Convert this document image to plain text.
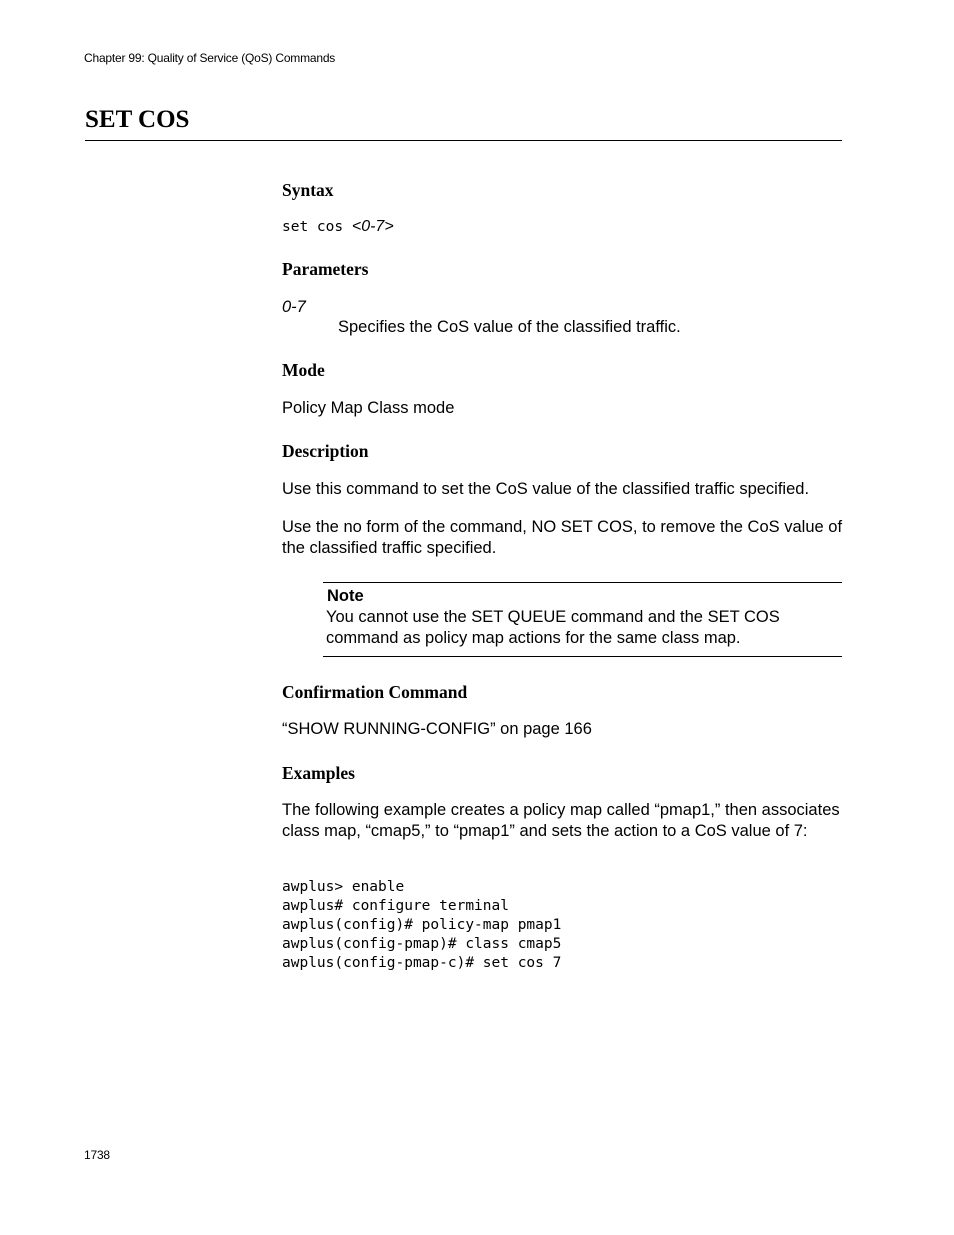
Chapter 99: Quality of Service (QoS) Commands
SET COS
Syntax
set cos <0-7>
Parameters
0-7
Specifies the CoS value of the classified traffic.
Mode

Policy Map Class mode

Description

Use this command to set the CoS value of the classified traffic specified.

Use the no form of the command, NO SET COS, to remove the CoS value of the classified traffic specified.

Note

You cannot use the SET QUEUE command and the SET COS command as policy map actions for the same class map.

Confirmation Command

“SHOW RUNNING-CONFIG” on page 166

Examples

The following example creates a policy map called “pmap1,” then associates class map, “cmap5,” to “pmap1” and sets the action to a CoS value of 7:

awplus> enable
awplus# configure terminal
awplus(config)# policy-map pmap1
awplus(config-pmap)# class cmap5
awplus(config-pmap-c)# set cos 7
1738
